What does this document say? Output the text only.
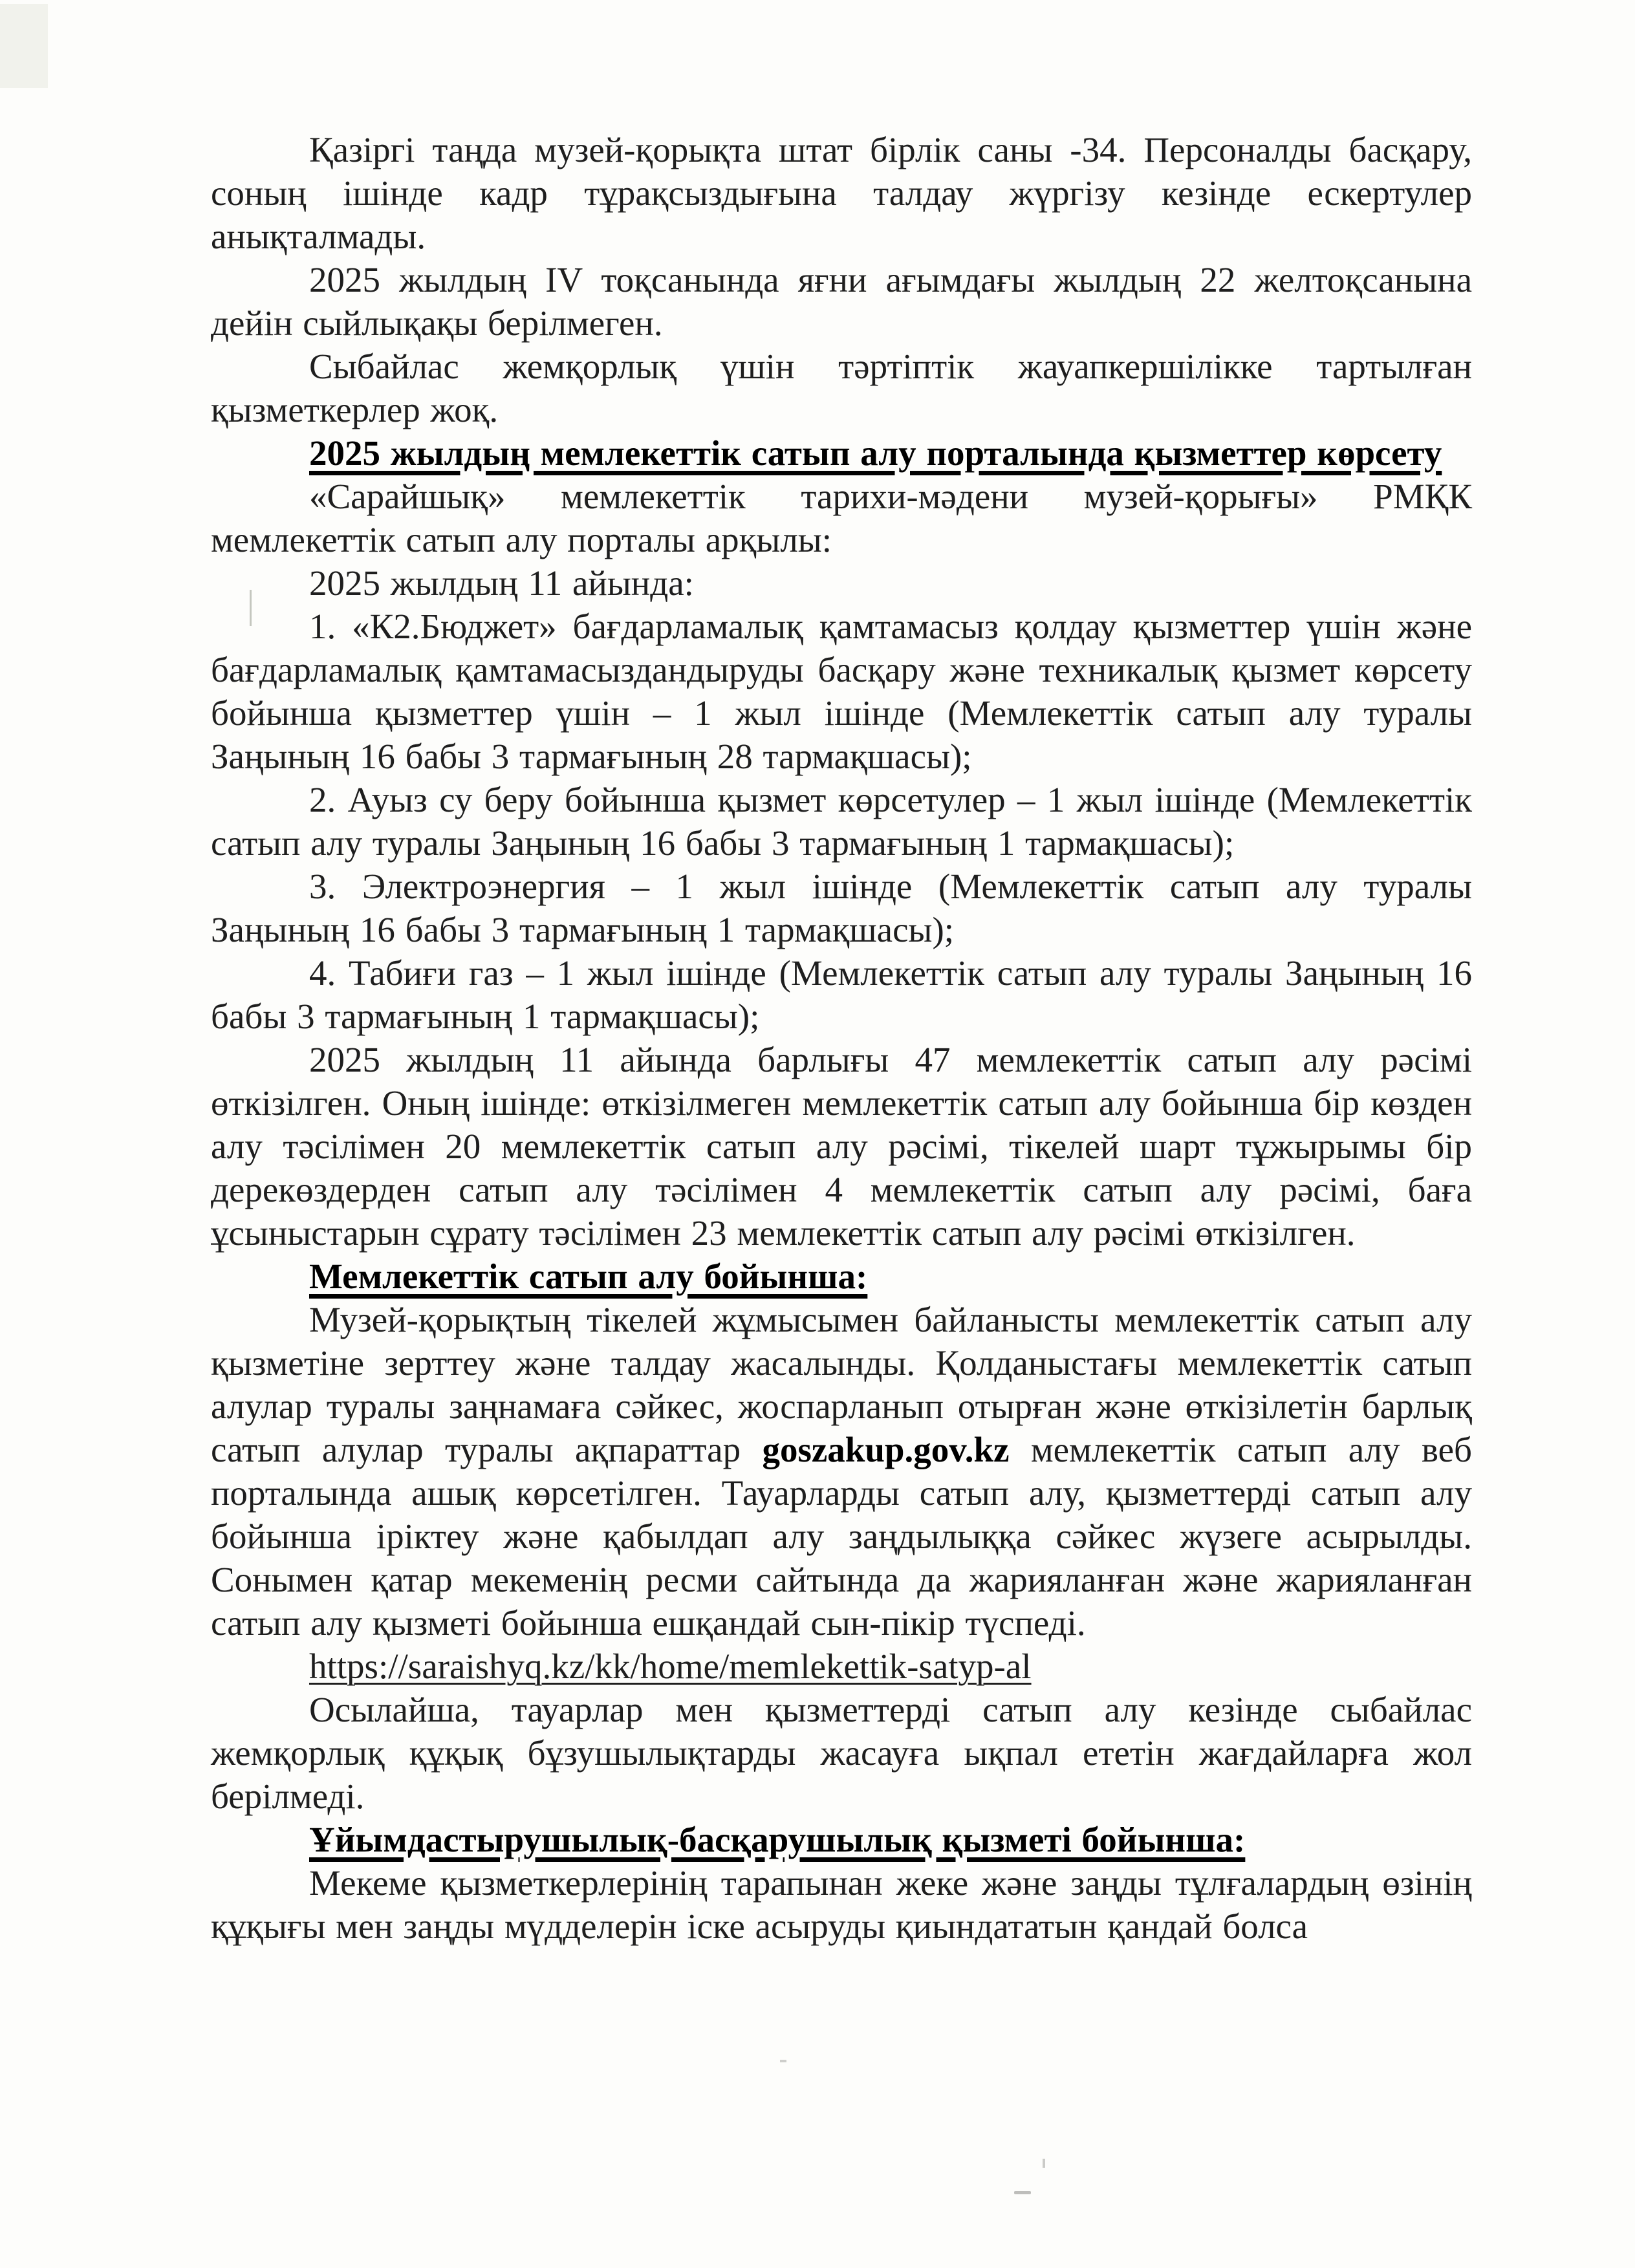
Қазіргі таңда музей-қорықта штат бірлік саны -34. Персоналды басқару, соның ішінде кадр тұрақсыздығына талдау жүргізу кезінде ескертулер анықталмады.

2025 жылдың IV тоқсанында яғни ағымдағы жылдың 22 желтоқсанына дейін сыйлықақы берілмеген.

Сыбайлас жемқорлық үшін тәртіптік жауапкершілікке тартылған қызметкерлер жоқ.

2025 жылдың мемлекеттік сатып алу порталында қызметтер көрсету

«Сарайшық» мемлекеттік тарихи-мәдени музей-қорығы» РМҚК мемлекеттік сатып алу порталы арқылы:

2025 жылдың 11 айында:

1. «К2.Бюджет» бағдарламалық қамтамасыз қолдау қызметтер үшін және бағдарламалық қамтамасыздандыруды басқару және техникалық қызмет көрсету бойынша қызметтер үшін – 1 жыл ішінде (Мемлекеттік сатып алу туралы Заңының 16 бабы 3 тармағының 28 тармақшасы);

2. Ауыз су беру бойынша қызмет көрсетулер – 1 жыл ішінде (Мемлекеттік сатып алу туралы Заңының 16 бабы 3 тармағының 1 тармақшасы);

3. Электроэнергия – 1 жыл ішінде (Мемлекеттік сатып алу туралы Заңының 16 бабы 3 тармағының 1 тармақшасы);

4. Табиғи газ – 1 жыл ішінде (Мемлекеттік сатып алу туралы Заңының 16 бабы 3 тармағының 1 тармақшасы);

2025 жылдың 11 айында барлығы 47 мемлекеттік сатып алу рәсімі өткізілген. Оның ішінде: өткізілмеген мемлекеттік сатып алу бойынша бір көзден алу тәсілімен 20 мемлекеттік сатып алу рәсімі, тікелей шарт тұжырымы бір дерекөздерден сатып алу тәсілімен 4 мемлекеттік сатып алу рәсімі, баға ұсыныстарын сұрату тәсілімен 23 мемлекеттік сатып алу рәсімі өткізілген.

Мемлекеттік сатып алу бойынша:

Музей-қорықтың тікелей жұмысымен байланысты мемлекеттік сатып алу қызметіне зерттеу және талдау жасалынды. Қолданыстағы мемлекеттік сатып алулар туралы заңнамаға сәйкес, жоспарланып отырған және өткізілетін барлық сатып алулар туралы ақпараттар goszakup.gov.kz мемлекеттік сатып алу веб порталында ашық көрсетілген. Тауарларды сатып алу, қызметтерді сатып алу бойынша іріктеу және қабылдап алу заңдылыққа сәйкес жүзеге асырылды. Сонымен қатар мекеменің ресми сайтында да жарияланған және жарияланған сатып алу қызметі бойынша ешқандай сын-пікір түспеді.

https://saraishyq.kz/kk/home/memlekettik-satyp-al

Осылайша, тауарлар мен қызметтерді сатып алу кезінде сыбайлас жемқорлық құқық бұзушылықтарды жасауға ықпал ететін жағдайларға жол берілмеді.

Ұйымдастырушылық-басқарушылық қызметі бойынша:

Мекеме қызметкерлерінің тарапынан жеке және заңды тұлғалардың өзінің құқығы мен заңды мүдделерін іске асыруды қиындататын қандай болса
